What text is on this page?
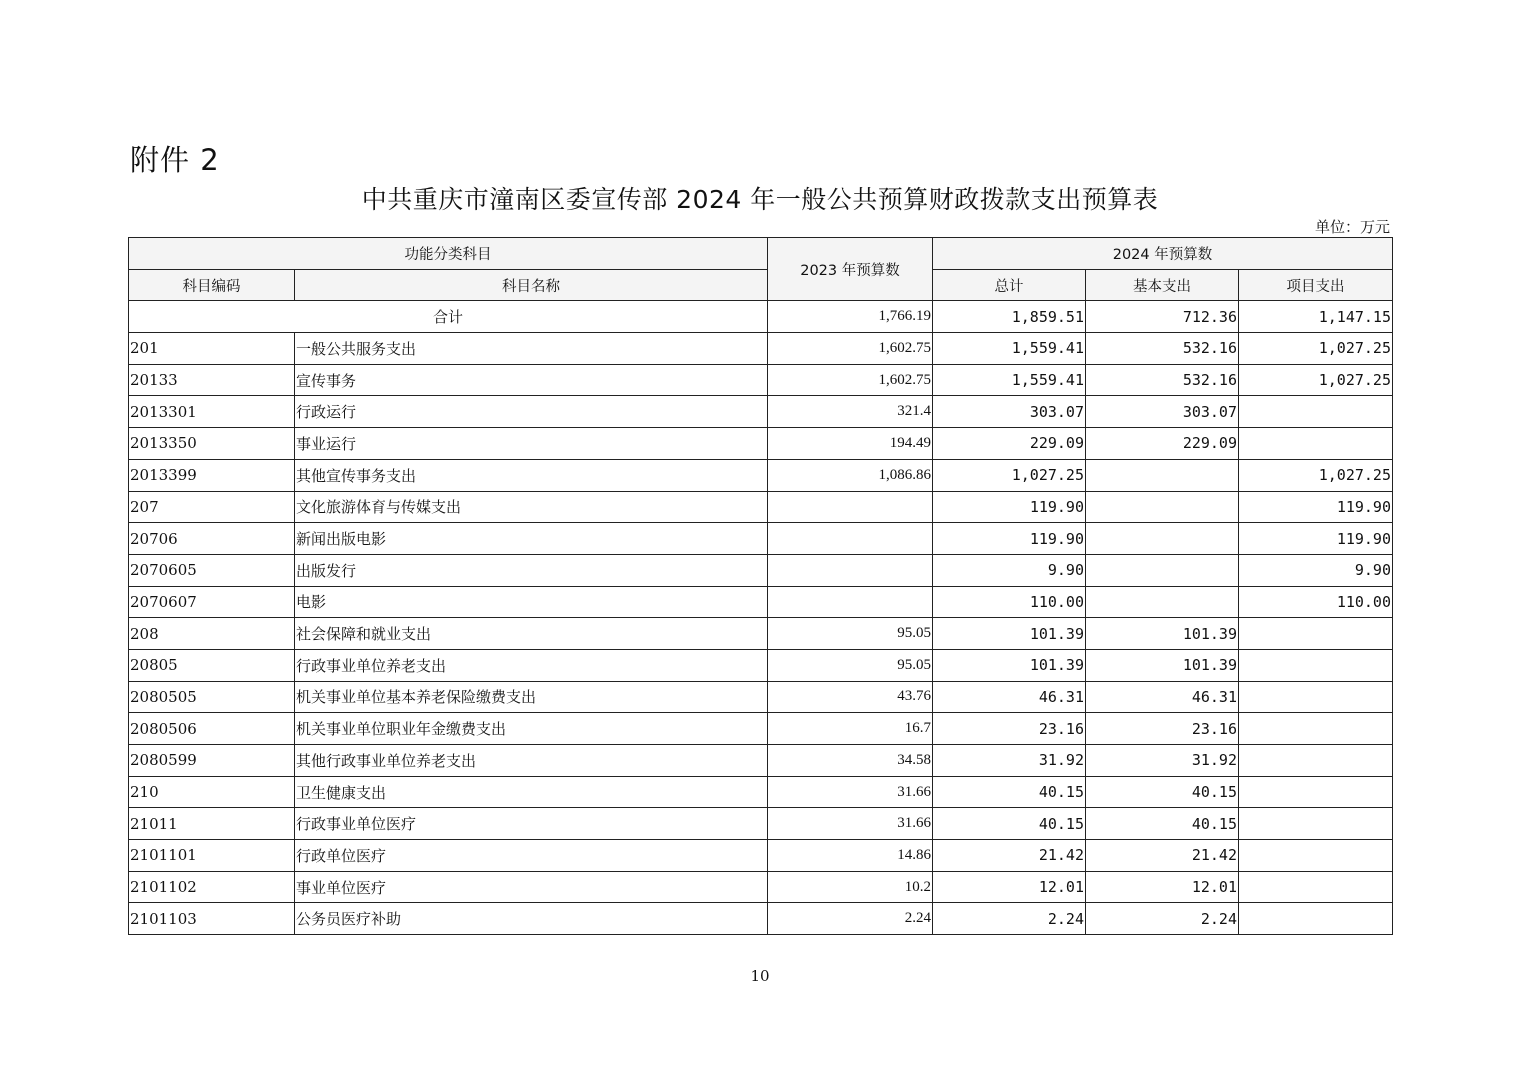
附件 2
中共重庆市潼南区委宣传部 2024 年一般公共预算财政拨款支出预算表
单位：万元
功能分类科目		2023 年预算数	2024 年预算数		
科目编码	科目名称		总计	基本支出	项目支出
合计		1,766.19	1,859.51	712.36	1,147.15
201	一般公共服务支出	1,602.75	1,559.41	532.16	1,027.25
20133	宣传事务	1,602.75	1,559.41	532.16	1,027.25
2013301	行政运行	321.4	303.07	303.07	
2013350	事业运行	194.49	229.09	229.09	
2013399	其他宣传事务支出	1,086.86	1,027.25		1,027.25
207	文化旅游体育与传媒支出		119.90		119.90
20706	新闻出版电影		119.90		119.90
2070605	出版发行		9.90		9.90
2070607	电影		110.00		110.00
208	社会保障和就业支出	95.05	101.39	101.39	
20805	行政事业单位养老支出	95.05	101.39	101.39	
2080505	机关事业单位基本养老保险缴费支出	43.76	46.31	46.31	
2080506	机关事业单位职业年金缴费支出	16.7	23.16	23.16	
2080599	其他行政事业单位养老支出	34.58	31.92	31.92	
210	卫生健康支出	31.66	40.15	40.15	
21011	行政事业单位医疗	31.66	40.15	40.15	
2101101	行政单位医疗	14.86	21.42	21.42	
2101102	事业单位医疗	10.2	12.01	12.01	
2101103	公务员医疗补助	2.24	2.24	2.24	
10
